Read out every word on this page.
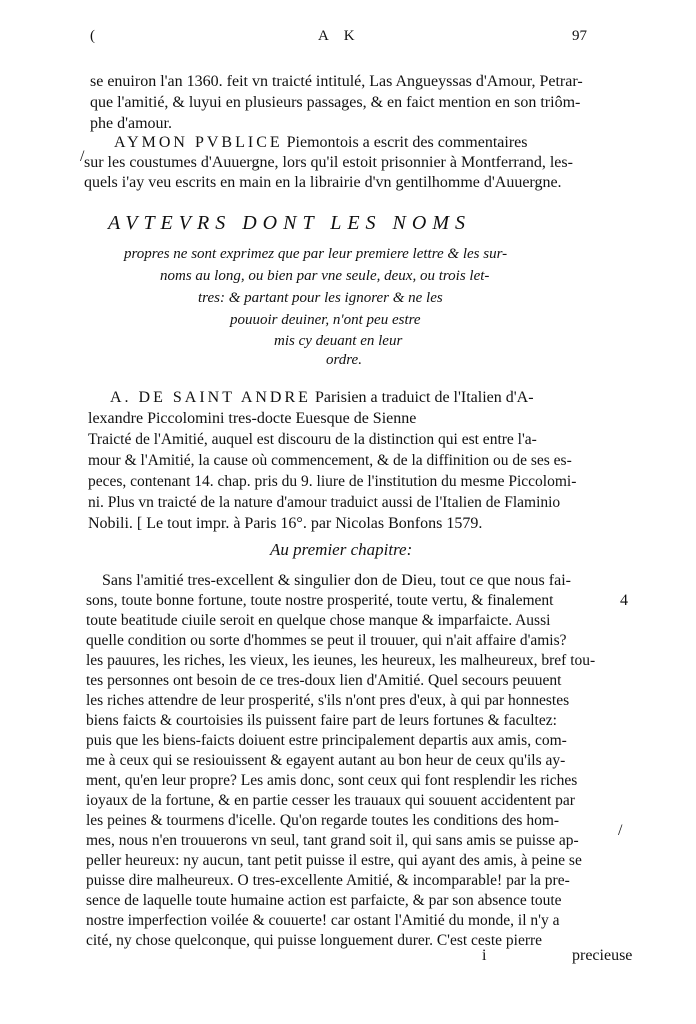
(	A K	97
se enuiron l'an 1360. feit vn traicté intitulé, Las Angueyssas d'Amour, Petrar-
que l'amitié, & luyui en plusieurs passages, & en faict mention en son triôm-
phe d'amour.
AYMON PVBLICE Piemontois a escrit des commentaires
sur les coustumes d'Auuergne, lors qu'il estoit prisonnier à Montferrand, les-
quels i'ay veu escrits en main en la librairie d'vn gentilhomme d'Auuergne.
AVTEVRS DONT LES NOMS
propres ne sont exprimez que par leur premiere lettre & les sur-
noms au long, ou bien par vne seule, deux, ou trois let-
tres: & partant pour les ignorer & ne les
pouuoir deuiner, n'ont peu estre
mis cy deuant en leur
ordre.
A. DE SAINT ANDRE Parisien a traduict de l'Italien d'A-
lexandre Piccolomini tres-docte Euesque de Sienne
Traicté de l'Amitié, auquel est discouru de la distinction qui est entre l'a-
mour & l'Amitié, la cause où commencement, & de la diffinition ou de ses es-
peces, contenant 14. chap. pris du 9. liure de l'institution du mesme Piccolomi-
ni. Plus vn traicté de la nature d'amour traduict aussi de l'Italien de Flaminio
Nobili. [ Le tout impr. à Paris 16°. par Nicolas Bonfons 1579.
Au premier chapitre:
Sans l'amitié tres-excellent & singulier don de Dieu, tout ce que nous fai-
sons, toute bonne fortune, toute nostre prosperité, toute vertu, & finalement
toute beatitude ciuile seroit en quelque chose manque & imparfaicte. Aussi
quelle condition ou sorte d'hommes se peut il trouuer, qui n'ait affaire d'amis?
les pauures, les riches, les vieux, les ieunes, les heureux, les malheureux, bref tou-
tes personnes ont besoin de ce tres-doux lien d'Amitié. Quel secours peuuent
les riches attendre de leur prosperité, s'ils n'ont pres d'eux, à qui par honnestes
biens faicts & courtoisies ils puissent faire part de leurs fortunes & facultez:
puis que les biens-faicts doiuent estre principalement departis aux amis, com-
me à ceux qui se resiouissent & egayent autant au bon heur de ceux qu'ils ay-
ment, qu'en leur propre? Les amis donc, sont ceux qui font resplendir les riches
ioyaux de la fortune, & en partie cesser les trauaux qui souuent accidentent par
les peines & tourmens d'icelle. Qu'on regarde toutes les conditions des hom-
mes, nous n'en trouuerons vn seul, tant grand soit il, qui sans amis se puisse ap-
peller heureux: ny aucun, tant petit puisse il estre, qui ayant des amis, à peine se
puisse dire malheureux. O tres-excellente Amitié, & incomparable! par la pre-
sence de laquelle toute humaine action est parfaicte, & par son absence toute
nostre imperfection voilée & couuerte! car ostant l'Amitié du monde, il n'y a
cité, ny chose quelconque, qui puisse longuement durer. C'est ceste pierre
i	precieuse
/
4
/
